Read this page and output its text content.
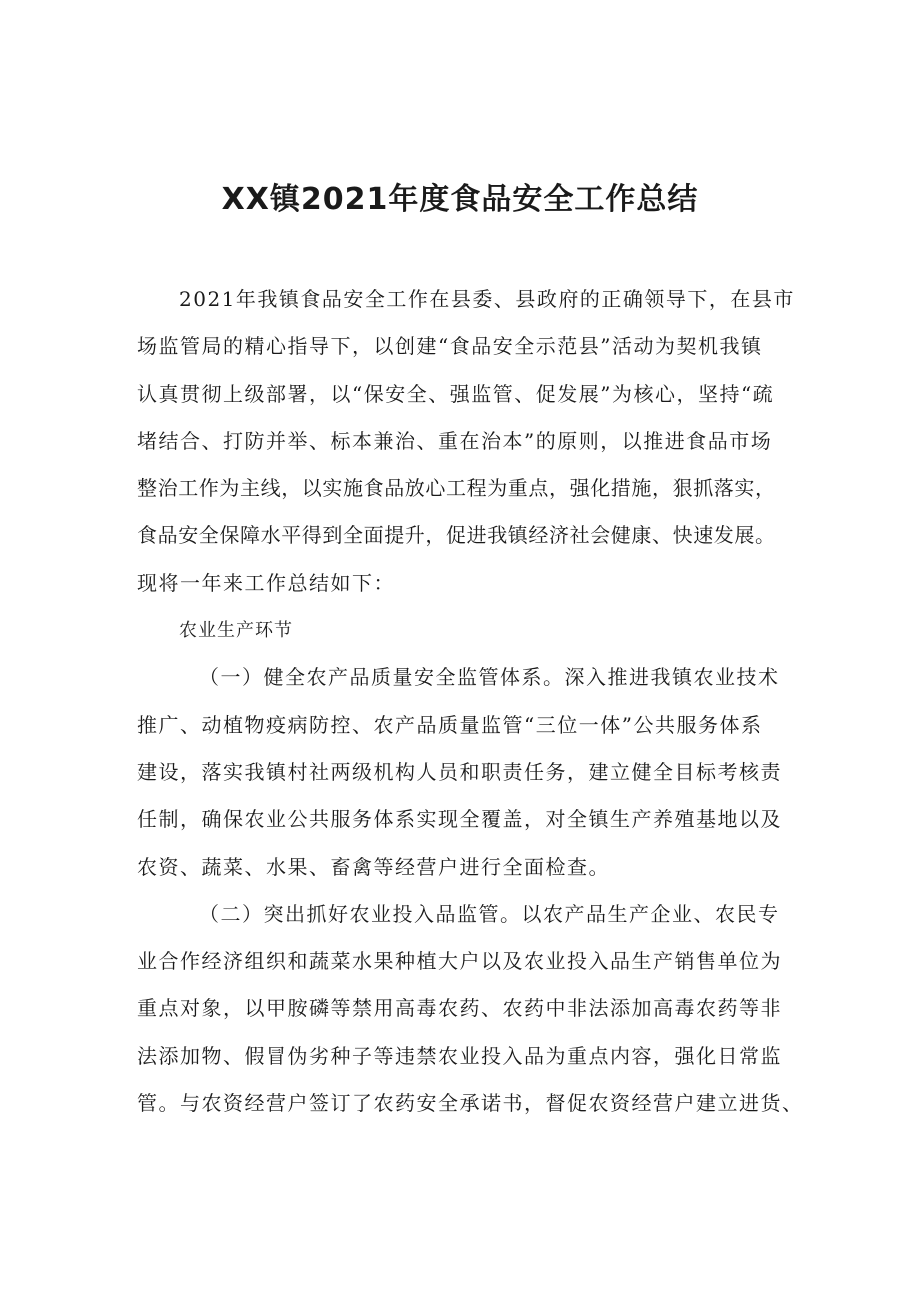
XX镇2021年度食品安全工作总结
2021年我镇食品安全工作在县委、县政府的正确领导下，在县市
场监管局的精心指导下，以创建“食品安全示范县”活动为契机我镇
认真贯彻上级部署，以“保安全、强监管、促发展”为核心，坚持“疏
堵结合、打防并举、标本兼治、重在治本”的原则，以推进食品市场
整治工作为主线，以实施食品放心工程为重点，强化措施，狠抓落实，
食品安全保障水平得到全面提升，促进我镇经济社会健康、快速发展。
现将一年来工作总结如下：
农业生产环节
（一）健全农产品质量安全监管体系。深入推进我镇农业技术
推广、动植物疫病防控、农产品质量监管“三位一体”公共服务体系
建设，落实我镇村社两级机构人员和职责任务，建立健全目标考核责
任制，确保农业公共服务体系实现全覆盖，对全镇生产养殖基地以及
农资、蔬菜、水果、畜禽等经营户进行全面检查。
（二）突出抓好农业投入品监管。以农产品生产企业、农民专
业合作经济组织和蔬菜水果种植大户以及农业投入品生产销售单位为
重点对象，以甲胺磷等禁用高毒农药、农药中非法添加高毒农药等非
法添加物、假冒伪劣种子等违禁农业投入品为重点内容，强化日常监
管。与农资经营户签订了农药安全承诺书，督促农资经营户建立进货、
